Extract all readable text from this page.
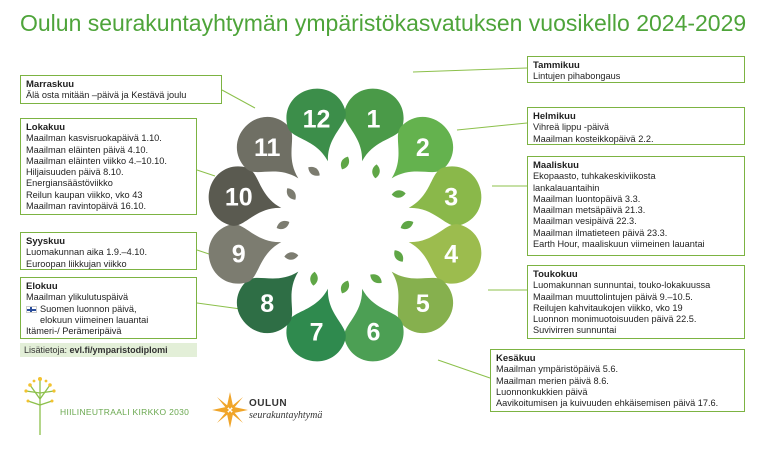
Oulun seurakuntayhtymän ympäristökasvatuksen vuosikello 2024-2029
1
2
3
4
5
6
7
8
9
10
11
12
Tammikuu
Lintujen pihabongaus
Helmikuu
Vihreä lippu -päivä
Maailman kosteikkopäivä 2.2.
Maaliskuu
Ekopaasto, tuhkakeskiviikosta
lankalauantaihin
Maailman luontopäivä 3.3.
Maailman metsäpäivä 21.3.
Maailman vesipäivä 22.3.
Maailman ilmatieteen päivä 23.3.
Earth Hour, maaliskuun viimeinen lauantai
Toukokuu
Luomakunnan sunnuntai, touko-lokakuussa
Maailman muuttolintujen päivä 9.–10.5.
Reilujen kahvitaukojen viikko, vko 19
Luonnon monimuotoisuuden päivä 22.5.
Suvivirren sunnuntai
Kesäkuu
Maailman ympäristöpäivä 5.6.
Maailman merien päivä 8.6.
Luonnonkukkien päivä
Aavikoitumisen ja kuivuuden ehkäisemisen päivä 17.6.
Marraskuu
Älä osta mitään –päivä ja Kestävä joulu
Lokakuu
Maailman kasvisruokapäivä 1.10.
Maailman eläinten päivä 4.10.
Maailman eläinten viikko 4.–10.10.
Hiljaisuuden päivä 8.10.
Energiansäästöviikko
Reilun kaupan viikko, vko 43
Maailman ravintopäivä 16.10.
Syyskuu
Luomakunnan aika 1.9.–4.10.
Euroopan liikkujan viikko
Elokuu
Maailman ylikulutuspäivä
Suomen luonnon päivä,
elokuun viimeinen lauantai
Itämeri-/ Perämeripäivä
Lisätietoja: evl.fi/ymparistodiplomi
HIILINEUTRAALI KIRKKO 2030
OULUN
seurakuntayhtymä
